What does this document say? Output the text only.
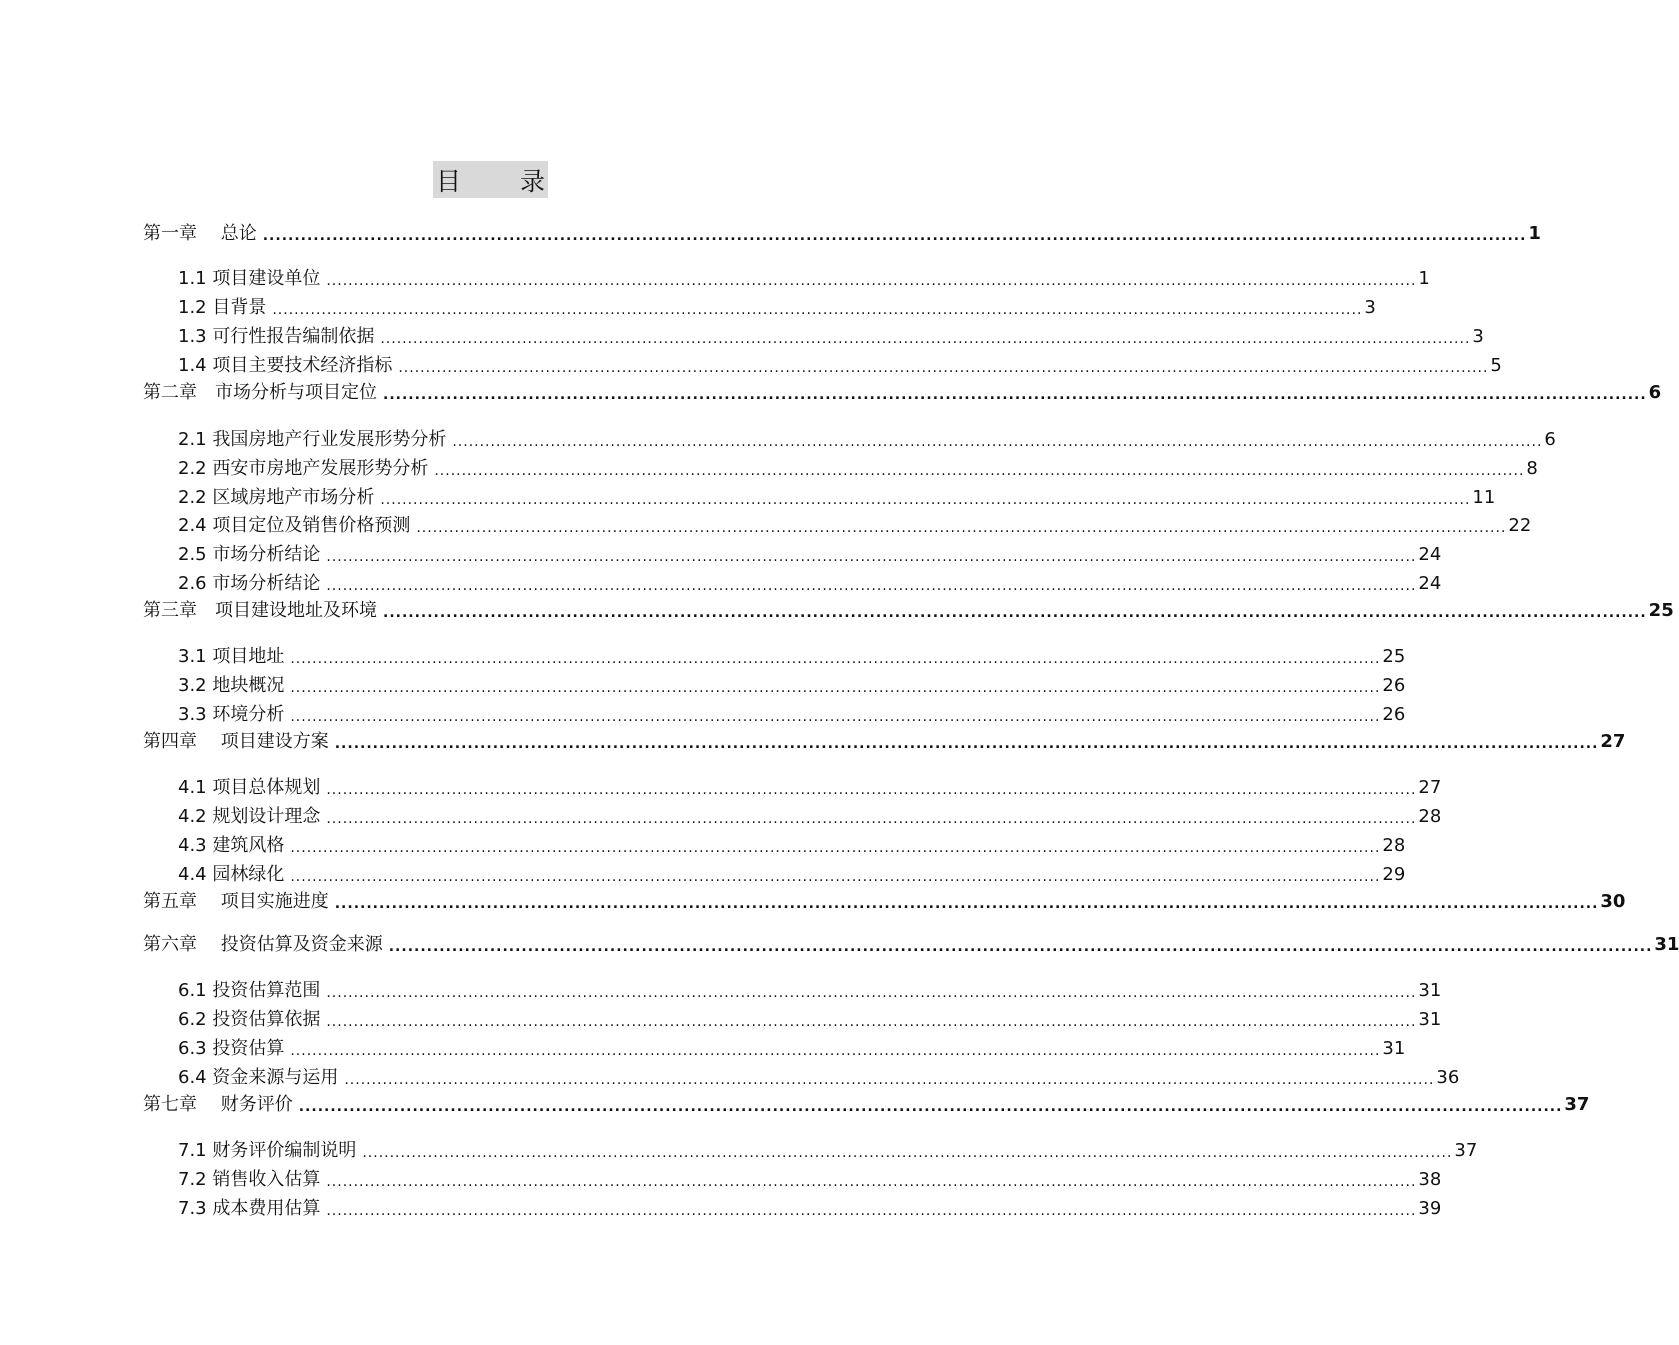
目 录
第一章　 总论 ........................................................................................................................................................................................................ 1
1.1 项目建设单位 ........................................................................................................................................................................................................ 1
1.2 目背景 ........................................................................................................................................................................................................ 3
1.3 可行性报告编制依据 ........................................................................................................................................................................................................ 3
1.4 项目主要技术经济指标 ........................................................................................................................................................................................................ 5
第二章　市场分析与项目定位 ........................................................................................................................................................................................................ 6
2.1 我国房地产行业发展形势分析 ........................................................................................................................................................................................................ 6
2.2 西安市房地产发展形势分析 ........................................................................................................................................................................................................ 8
2.2 区域房地产市场分析 ........................................................................................................................................................................................................ 11
2.4 项目定位及销售价格预测 ........................................................................................................................................................................................................ 22
2.5 市场分析结论 ........................................................................................................................................................................................................ 24
2.6 市场分析结论 ........................................................................................................................................................................................................ 24
第三章　项目建设地址及环境 ........................................................................................................................................................................................................ 25
3.1 项目地址 ........................................................................................................................................................................................................ 25
3.2 地块概况 ........................................................................................................................................................................................................ 26
3.3 环境分析 ........................................................................................................................................................................................................ 26
第四章　 项目建设方案 ........................................................................................................................................................................................................ 27
4.1 项目总体规划 ........................................................................................................................................................................................................ 27
4.2 规划设计理念 ........................................................................................................................................................................................................ 28
4.3 建筑风格 ........................................................................................................................................................................................................ 28
4.4 园林绿化 ........................................................................................................................................................................................................ 29
第五章　 项目实施进度 ........................................................................................................................................................................................................ 30
第六章　 投资估算及资金来源 ........................................................................................................................................................................................................ 31
6.1 投资估算范围 ........................................................................................................................................................................................................ 31
6.2 投资估算依据 ........................................................................................................................................................................................................ 31
6.3 投资估算 ........................................................................................................................................................................................................ 31
6.4 资金来源与运用 ........................................................................................................................................................................................................ 36
第七章　 财务评价 ........................................................................................................................................................................................................ 37
7.1 财务评价编制说明 ........................................................................................................................................................................................................ 37
7.2 销售收入估算 ........................................................................................................................................................................................................ 38
7.3 成本费用估算 ........................................................................................................................................................................................................ 39
